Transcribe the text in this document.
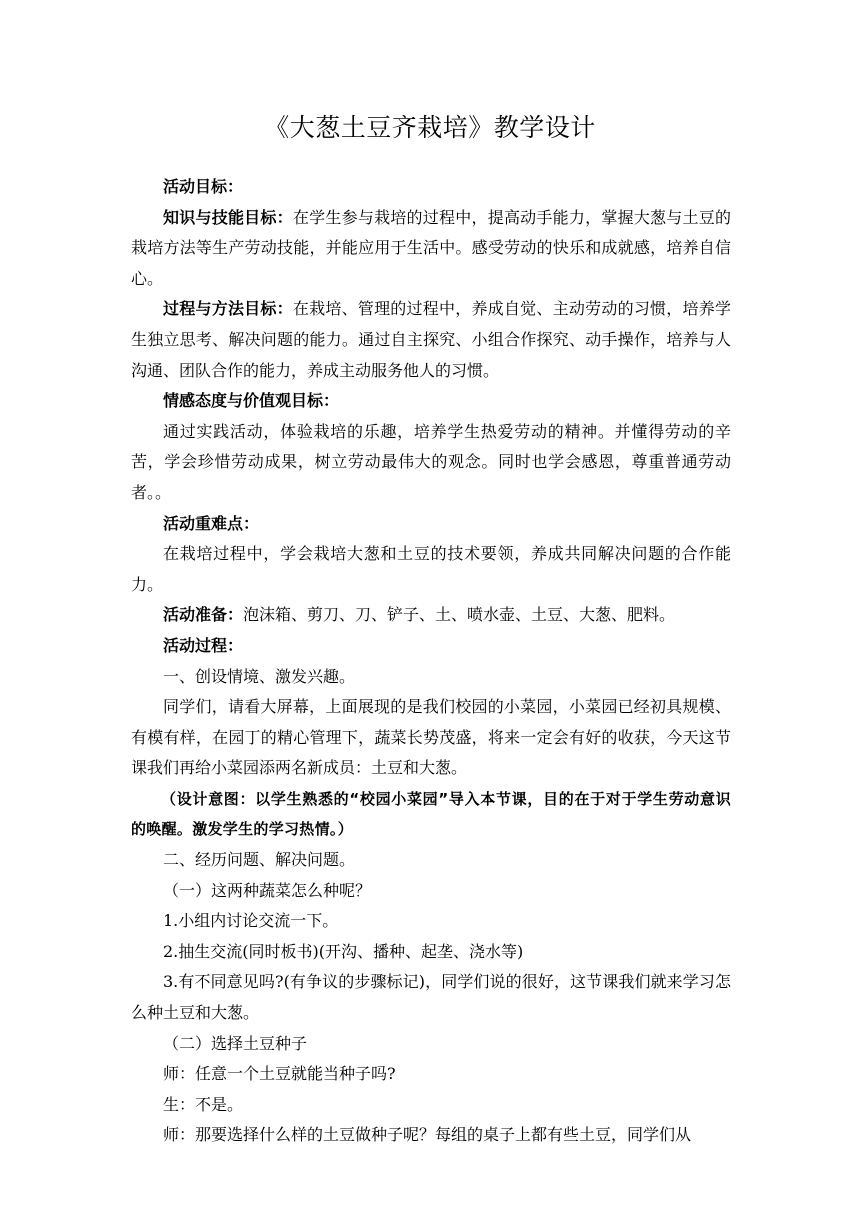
《大葱土豆齐栽培》教学设计

活动目标：

知识与技能目标：在学生参与栽培的过程中，提高动手能力，掌握大葱与土豆的栽培方法等生产劳动技能，并能应用于生活中。感受劳动的快乐和成就感，培养自信心。

过程与方法目标：在栽培、管理的过程中，养成自觉、主动劳动的习惯，培养学生独立思考、解决问题的能力。通过自主探究、小组合作探究、动手操作，培养与人沟通、团队合作的能力，养成主动服务他人的习惯。

情感态度与价值观目标：

通过实践活动，体验栽培的乐趣，培养学生热爱劳动的精神。并懂得劳动的辛苦，学会珍惜劳动成果，树立劳动最伟大的观念。同时也学会感恩，尊重普通劳动者。。

活动重难点：

在栽培过程中，学会栽培大葱和土豆的技术要领，养成共同解决问题的合作能力。

活动准备：泡沫箱、剪刀、刀、铲子、土、喷水壶、土豆、大葱、肥料。

活动过程：

一、创设情境、激发兴趣。

同学们，请看大屏幕，上面展现的是我们校园的小菜园，小菜园已经初具规模、有模有样，在园丁的精心管理下，蔬菜长势茂盛，将来一定会有好的收获，今天这节课我们再给小菜园添两名新成员：土豆和大葱。

（设计意图：以学生熟悉的“校园小菜园”导入本节课，目的在于对于学生劳动意识的唤醒。激发学生的学习热情。）

二、经历问题、解决问题。

（一）这两种蔬菜怎么种呢？

1.小组内讨论交流一下。

2.抽生交流(同时板书)(开沟、播种、起垄、浇水等)

3.有不同意见吗?(有争议的步骤标记)，同学们说的很好，这节课我们就来学习怎么种土豆和大葱。

（二）选择土豆种子

师：任意一个土豆就能当种子吗?

生：不是。

师：那要选择什么样的土豆做种子呢？每组的桌子上都有些土豆，同学们从
